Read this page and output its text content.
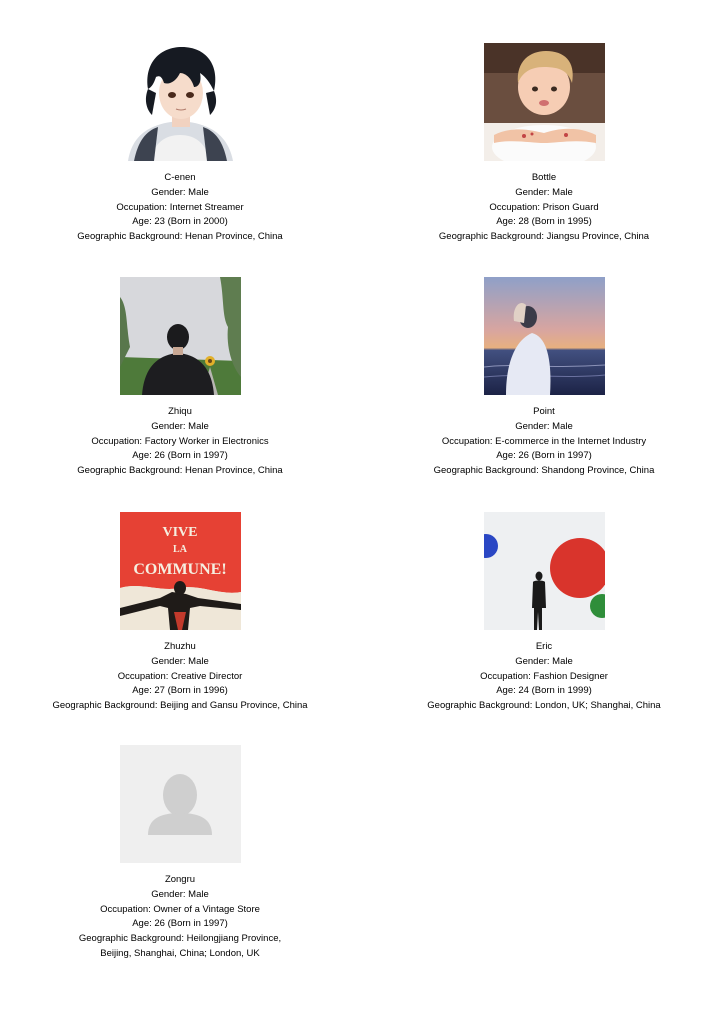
C-enen
Gender: Male
Occupation: Internet Streamer
Age: 23 (Born in 2000)
Geographic Background: Henan Province, China
Bottle
Gender: Male
Occupation: Prison Guard
Age: 28 (Born in 1995)
Geographic Background: Jiangsu Province, China
Zhiqu
Gender: Male
Occupation: Factory Worker in Electronics
Age: 26 (Born in 1997)
Geographic Background: Henan Province, China
Point
Gender: Male
Occupation: E-commerce in the Internet Industry
Age: 26 (Born in 1997)
Geographic Background: Shandong Province, China
VIVE
LA
COMMUNE!
Zhuzhu
Gender: Male
Occupation: Creative Director
Age: 27 (Born in 1996)
Geographic Background: Beijing and Gansu Province, China
Eric
Gender: Male
Occupation: Fashion Designer
Age: 24 (Born in 1999)
Geographic Background: London, UK; Shanghai, China
Zongru
Gender: Male
Occupation: Owner of a Vintage Store
Age: 26 (Born in 1997)
Geographic Background: Heilongjiang Province, Beijing, Shanghai, China; London, UK
